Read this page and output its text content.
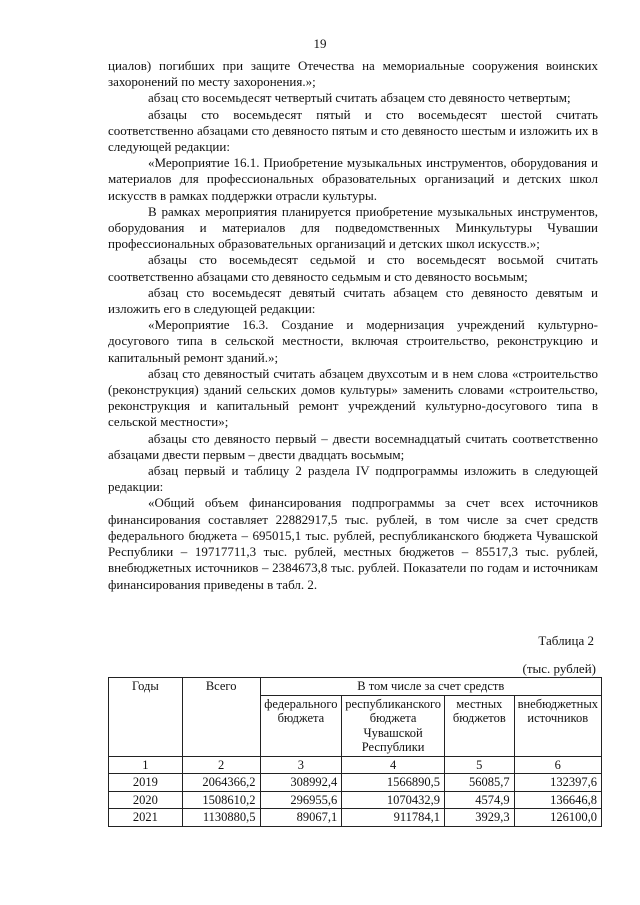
19

циалов) погибших при защите Отечества на мемориальные сооружения воинских захоронений по месту захоронения.»;

абзац сто восемьдесят четвертый считать абзацем сто девяносто четвертым;

абзацы сто восемьдесят пятый и сто восемьдесят шестой считать соответственно абзацами сто девяносто пятым и сто девяносто шестым и изложить их в следующей редакции:

«Мероприятие 16.1. Приобретение музыкальных инструментов, оборудования и материалов для профессиональных образовательных организаций и детских школ искусств в рамках поддержки отрасли культуры.

В рамках мероприятия планируется приобретение музыкальных инструментов, оборудования и материалов для подведомственных Минкультуры Чувашии профессиональных образовательных организаций и детских школ искусств.»;

абзацы сто восемьдесят седьмой и сто восемьдесят восьмой считать соответственно абзацами сто девяносто седьмым и сто девяносто восьмым;

абзац сто восемьдесят девятый считать абзацем сто девяносто девятым и изложить его в следующей редакции:

«Мероприятие 16.3. Создание и модернизация учреждений культурно-досугового типа в сельской местности, включая строительство, реконструкцию и капитальный ремонт зданий.»;

абзац сто девяностый считать абзацем двухсотым и в нем слова «строительство (реконструкция) зданий сельских домов культуры» заменить словами «строительство, реконструкция и капитальный ремонт учреждений культурно-досугового типа в сельской местности»;

абзацы сто девяносто первый – двести восемнадцатый считать соответственно абзацами двести первым – двести двадцать восьмым;

абзац первый и таблицу 2 раздела IV подпрограммы изложить в следующей редакции:

«Общий объем финансирования подпрограммы за счет всех источников финансирования составляет 22882917,5 тыс. рублей, в том числе за счет средств федерального бюджета – 695015,1 тыс. рублей, республиканского бюджета Чувашской Республики – 19717711,3 тыс. рублей, местных бюджетов – 85517,3 тыс. рублей, внебюджетных источников – 2384673,8 тыс. рублей. Показатели по годам и источникам финансирования приведены в табл. 2.

Таблица 2
(тыс. рублей)
Годы	Всего	В том числе за счет средств			
		федерального бюджета	республиканского бюджета Чувашской Республики	местных бюджетов	внебюджетных источников
1	2	3	4	5	6
2019	2064366,2	308992,4	1566890,5	56085,7	132397,6
2020	1508610,2	296955,6	1070432,9	4574,9	136646,8
2021	1130880,5	89067,1	911784,1	3929,3	126100,0
